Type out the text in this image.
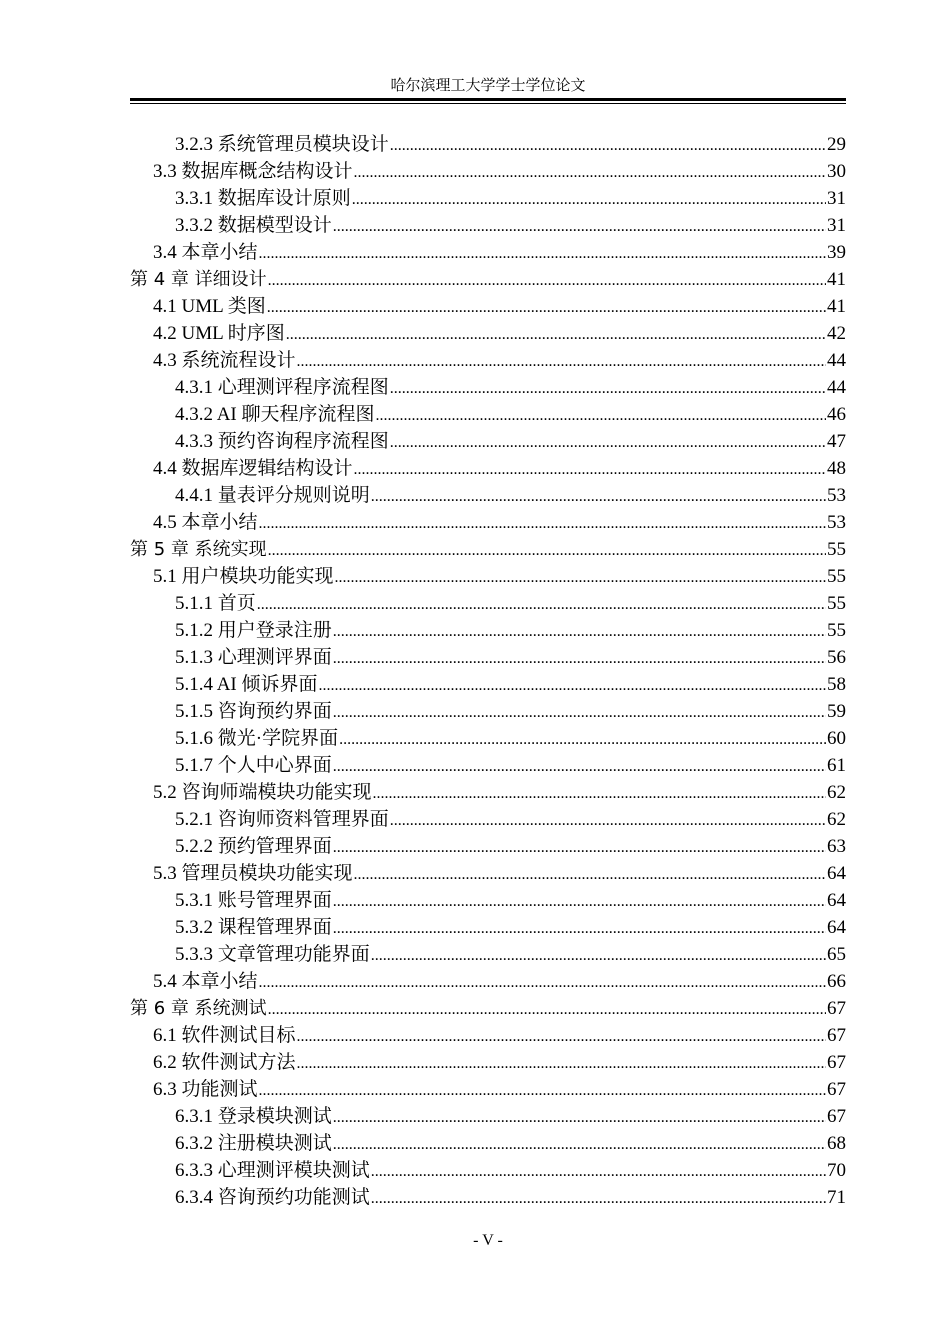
哈尔滨理工大学学士学位论文
3.2.3 系统管理员模块设计 .....	29
3.3 数据库概念结构设计 .....	30
3.3.1 数据库设计原则 .....	31
3.3.2 数据模型设计 .....	31
3.4 本章小结 .....	39
第 4 章 详细设计 .....	41
4.1 UML 类图 .....	41
4.2 UML 时序图 .....	42
4.3 系统流程设计 .....	44
4.3.1 心理测评程序流程图 .....	44
4.3.2 AI 聊天程序流程图 .....	46
4.3.3 预约咨询程序流程图 .....	47
4.4 数据库逻辑结构设计 .....	48
4.4.1 量表评分规则说明 .....	53
4.5 本章小结 .....	53
第 5 章 系统实现 .....	55
5.1 用户模块功能实现 .....	55
5.1.1 首页 .....	55
5.1.2 用户登录注册 .....	55
5.1.3 心理测评界面 .....	56
5.1.4 AI 倾诉界面 .....	58
5.1.5 咨询预约界面 .....	59
5.1.6 微光·学院界面 .....	60
5.1.7 个人中心界面 .....	61
5.2 咨询师端模块功能实现 .....	62
5.2.1 咨询师资料管理界面 .....	62
5.2.2 预约管理界面 .....	63
5.3 管理员模块功能实现 .....	64
5.3.1 账号管理界面 .....	64
5.3.2 课程管理界面 .....	64
5.3.3 文章管理功能界面 .....	65
5.4 本章小结 .....	66
第 6 章 系统测试 .....	67
6.1 软件测试目标 .....	67
6.2 软件测试方法 .....	67
6.3 功能测试 .....	67
6.3.1 登录模块测试 .....	67
6.3.2 注册模块测试 .....	68
6.3.3 心理测评模块测试 .....	70
6.3.4 咨询预约功能测试 .....	71
- V -
